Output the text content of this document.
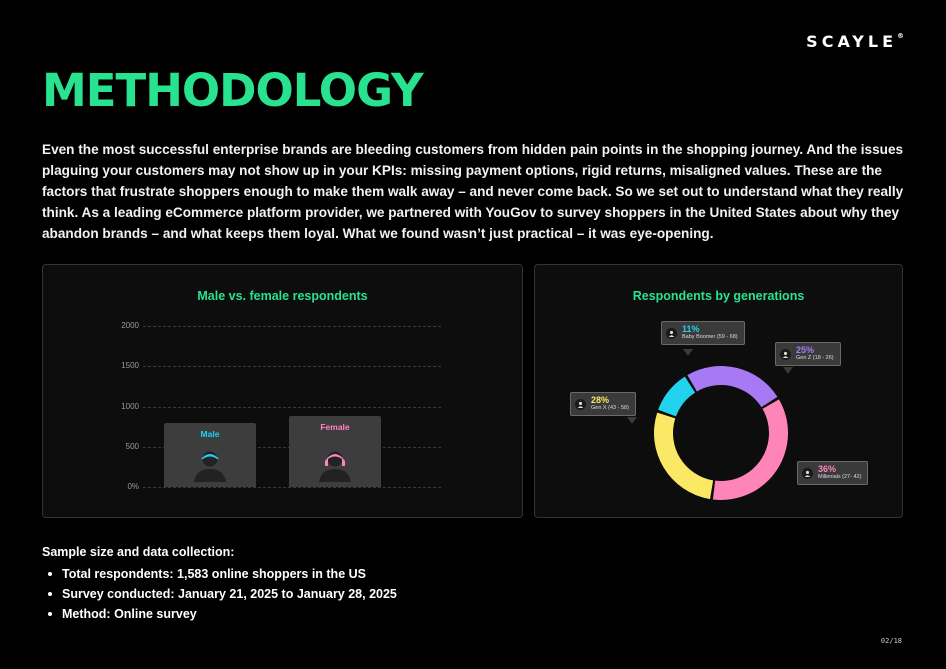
SCAYLE®
METHODOLOGY

Even the most successful enterprise brands are bleeding customers from hidden pain points in the shopping journey. And the issues plaguing your customers may not show up in your KPIs: missing payment options, rigid returns, misaligned values. These are the factors that frustrate shoppers enough to make them walk away – and never come back. So we set out to understand what they really think. As a leading eCommerce platform provider, we partnered with YouGov to survey shoppers in the United States about why they abandon brands – and what keeps them loyal. What we found wasn’t just practical – it was eye-opening.

Male vs. female respondents
2000
1500
1000
500
0%
Male
Female
Respondents by generations
11%
Baby Boomer (59 - 68)
25%
Gen Z (18 - 26)
36%
Millenials (27- 42)
28%
Gen X (43 - 58)
Sample size and data collection:
Total respondents: 1,583 online shoppers in the US
Survey conducted: January 21, 2025 to January 28, 2025
Method: Online survey
02/18
